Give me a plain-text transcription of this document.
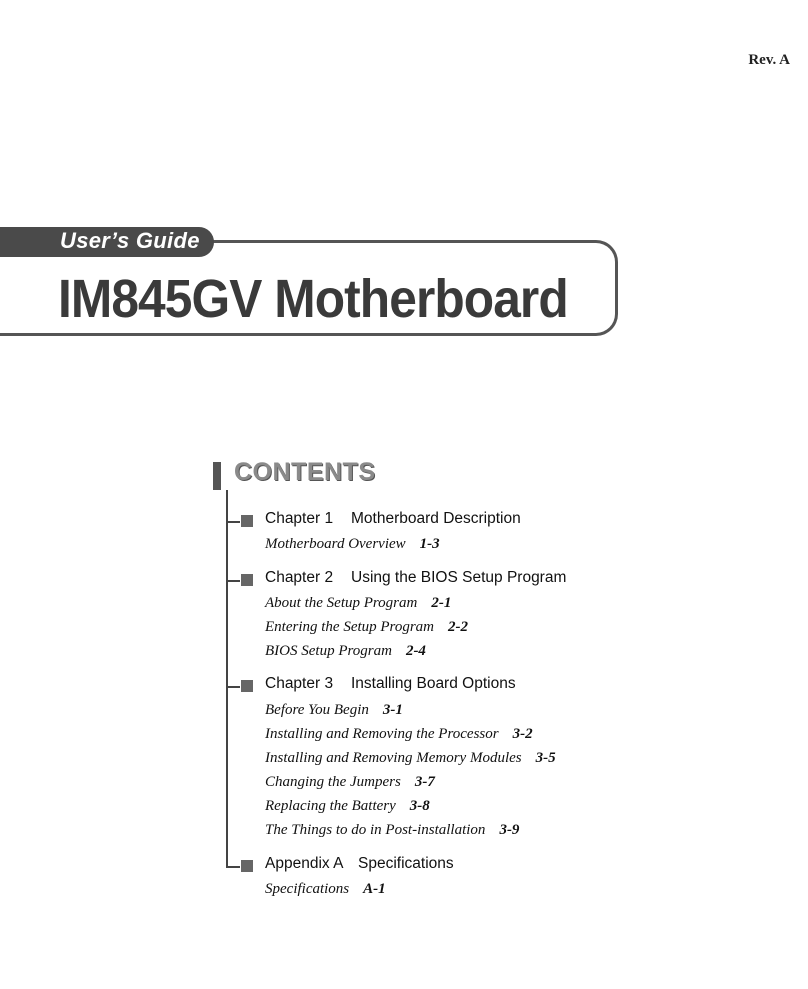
Rev. A
User’s Guide
IM845GV Motherboard
CONTENTS
Chapter 1 Motherboard Description
Motherboard Overview 1-3
Chapter 2 Using the BIOS Setup Program
About the Setup Program 2-1
Entering the Setup Program 2-2
BIOS Setup Program 2-4
Chapter 3 Installing Board Options
Before You Begin 3-1
Installing and Removing the Processor 3-2
Installing and Removing Memory Modules 3-5
Changing the Jumpers 3-7
Replacing the Battery 3-8
The Things to do in Post-installation 3-9
Appendix A Specifications
Specifications A-1
